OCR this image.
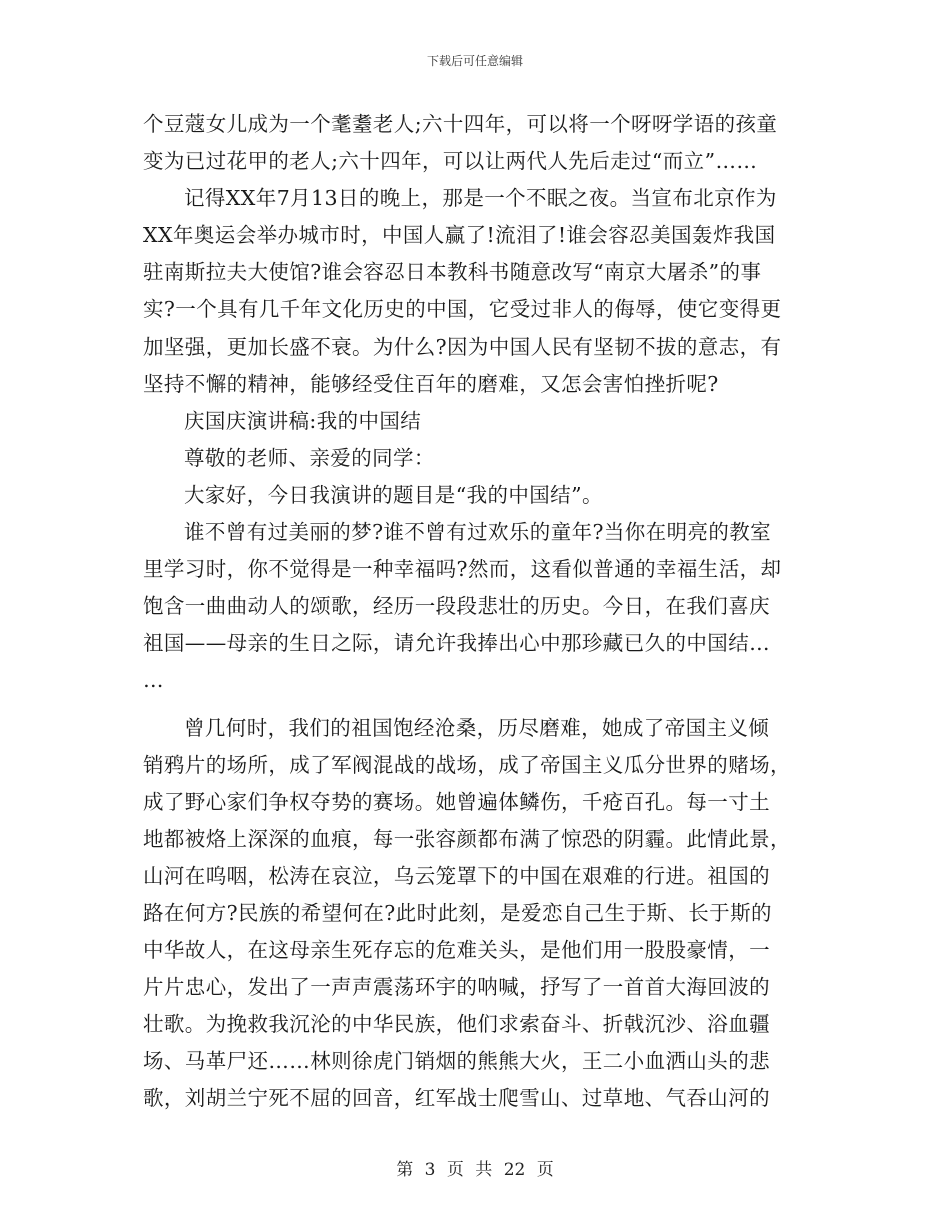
下载后可任意编辑
个豆蔻女儿成为一个耄耋老人;六十四年，可以将一个呀呀学语的孩童
变为已过花甲的老人;六十四年，可以让两代人先后走过“而立”……
记得XX年7月13日的晚上，那是一个不眠之夜。当宣布北京作为
XX年奥运会举办城市时，中国人赢了!流泪了!谁会容忍美国轰炸我国
驻南斯拉夫大使馆?谁会容忍日本教科书随意改写“南京大屠杀”的事
实?一个具有几千年文化历史的中国，它受过非人的侮辱，使它变得更
加坚强，更加长盛不衰。为什么?因为中国人民有坚韧不拔的意志，有
坚持不懈的精神，能够经受住百年的磨难，又怎会害怕挫折呢?
庆国庆演讲稿:我的中国结
尊敬的老师、亲爱的同学：
大家好，今日我演讲的题目是“我的中国结”。
谁不曾有过美丽的梦?谁不曾有过欢乐的童年?当你在明亮的教室
里学习时，你不觉得是一种幸福吗?然而，这看似普通的幸福生活，却
饱含一曲曲动人的颂歌，经历一段段悲壮的历史。今日，在我们喜庆
祖国——母亲的生日之际，请允许我捧出心中那珍藏已久的中国结…
…
曾几何时，我们的祖国饱经沧桑，历尽磨难，她成了帝国主义倾
销鸦片的场所，成了军阀混战的战场，成了帝国主义瓜分世界的赌场，
成了野心家们争权夺势的赛场。她曾遍体鳞伤，千疮百孔。每一寸土
地都被烙上深深的血痕，每一张容颜都布满了惊恐的阴霾。此情此景，
山河在呜咽，松涛在哀泣，乌云笼罩下的中国在艰难的行进。祖国的
路在何方?民族的希望何在?此时此刻，是爱恋自己生于斯、长于斯的
中华故人，在这母亲生死存忘的危难关头，是他们用一股股豪情，一
片片忠心，发出了一声声震荡环宇的呐喊，抒写了一首首大海回波的
壮歌。为挽救我沉沦的中华民族，他们求索奋斗、折戟沉沙、浴血疆
场、马革尸还……林则徐虎门销烟的熊熊大火，王二小血洒山头的悲
歌，刘胡兰宁死不屈的回音，红军战士爬雪山、过草地、气吞山河的
第 3 页 共 22 页
